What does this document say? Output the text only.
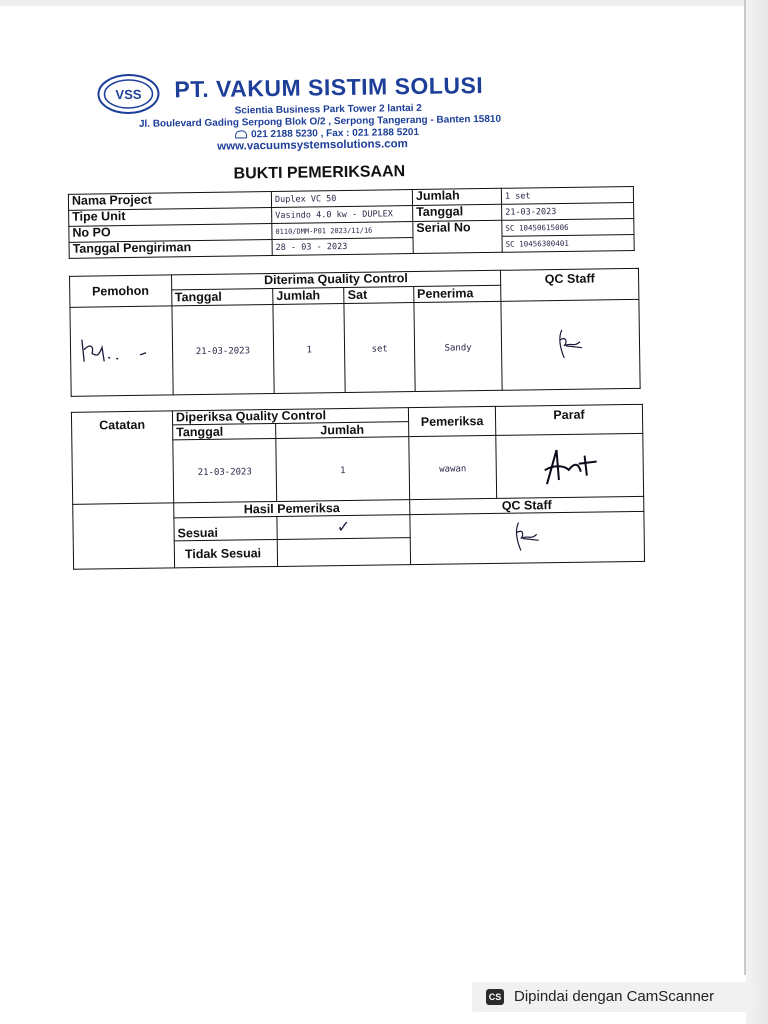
VSS PT. VAKUM SISTIM SOLUSI
Scientia Business Park Tower 2 lantai 2
Jl. Boulevard Gading Serpong Blok O/2 , Serpong Tangerang - Banten 15810
021 2188 5230 , Fax : 021 2188 5201
www.vacuumsystemsolutions.com
BUKTI PEMERIKSAAN
Nama Project	Duplex VC 50	Jumlah	1 set
Tipe Unit	Vasindo 4.0 kw - DUPLEX	Tanggal	21-03-2023
No PO	0110/DMM-P01 2023/11/16	Serial No	SC 10450615006
Tanggal Pengiriman	28 - 03 - 2023		SC 10456300401
Pemohon	Diterima Quality Control				QC Staff
	Tanggal	Jumlah	Sat	Penerima	

	21-03-2023	1	set	Sandy	
Catatan	Diperiksa Quality Control		Pemeriksa	Paraf
	Tanggal	Jumlah		
	21-03-2023	1	wawan	
	Hasil Pemeriksa		QC Staff	
	Sesuai	✓	
	Tidak Sesuai			
CS Dipindai dengan CamScanner
